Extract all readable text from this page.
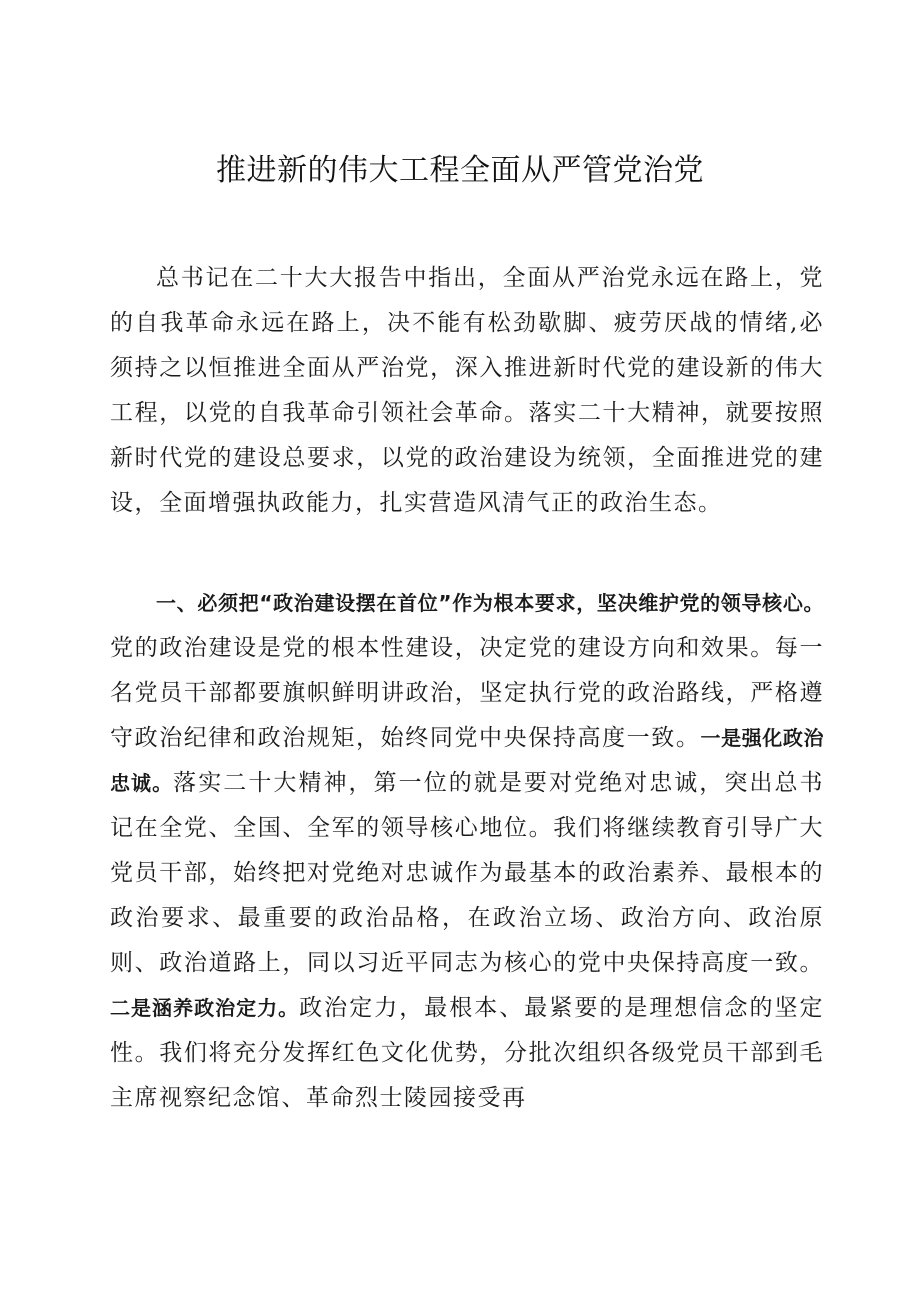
推进新的伟大工程全面从严管党治党

总书记在二十大大报告中指出，全面从严治党永远在路上，党的自我革命永远在路上，决不能有松劲歇脚、疲劳厌战的情绪,必须持之以恒推进全面从严治党，深入推进新时代党的建设新的伟大工程，以党的自我革命引领社会革命。落实二十大精神，就要按照新时代党的建设总要求，以党的政治建设为统领，全面推进党的建设，全面增强执政能力，扎实营造风清气正的政治生态。

一、必须把“政治建设摆在首位”作为根本要求，坚决维护党的领导核心。党的政治建设是党的根本性建设，决定党的建设方向和效果。每一名党员干部都要旗帜鲜明讲政治，坚定执行党的政治路线，严格遵守政治纪律和政治规矩，始终同党中央保持高度一致。一是强化政治忠诚。落实二十大精神，第一位的就是要对党绝对忠诚，突出总书记在全党、全国、全军的领导核心地位。我们将继续教育引导广大党员干部，始终把对党绝对忠诚作为最基本的政治素养、最根本的政治要求、最重要的政治品格，在政治立场、政治方向、政治原则、政治道路上，同以习近平同志为核心的党中央保持高度一致。二是涵养政治定力。政治定力，最根本、最紧要的是理想信念的坚定性。我们将充分发挥红色文化优势，分批次组织各级党员干部到毛主席视察纪念馆、革命烈士陵园接受再
